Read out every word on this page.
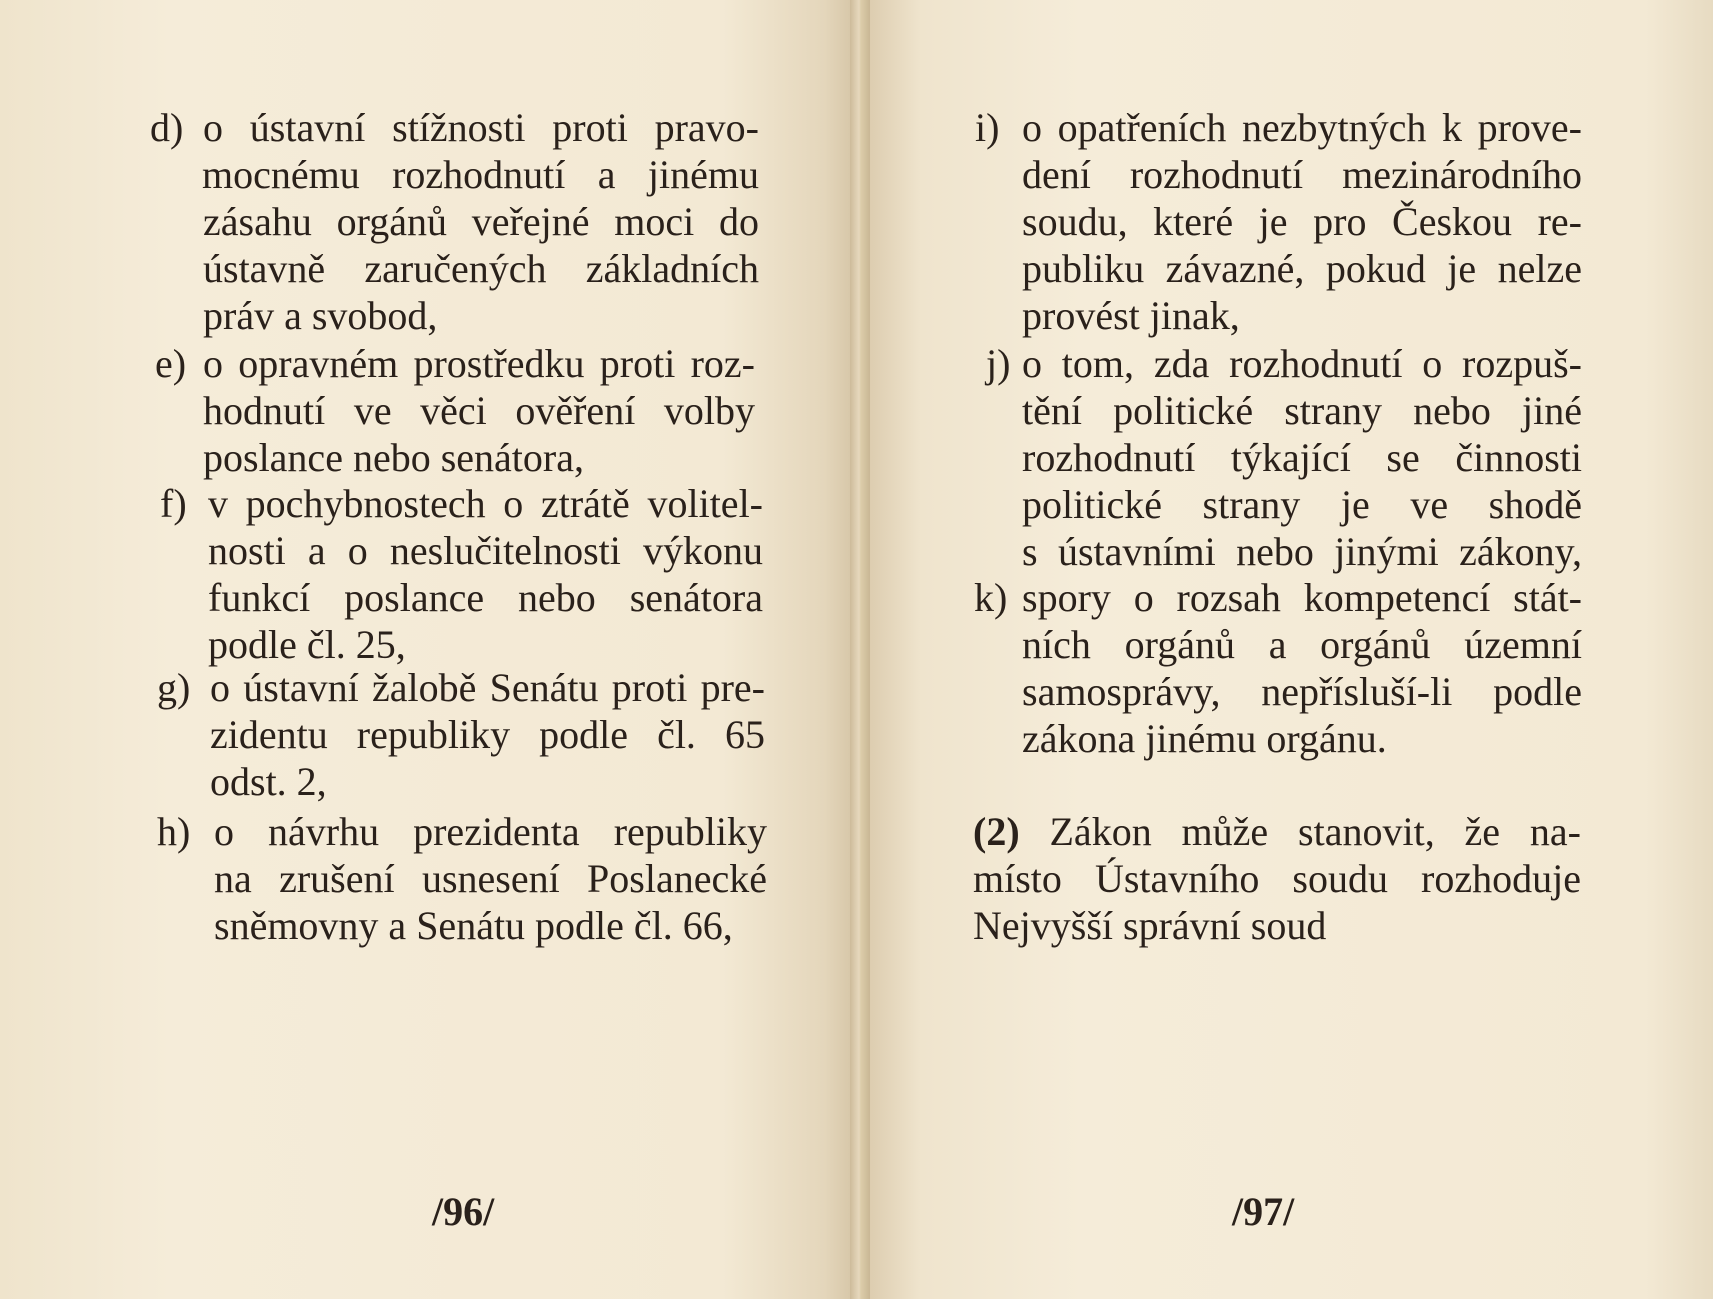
d) o ústavní stížnosti proti pravo-
mocnému rozhodnutí a jinému
zásahu orgánů veřejné moci do
ústavně zaručených základních
práv a svobod,
e) o opravném prostředku proti roz-
hodnutí ve věci ověření volby
poslance nebo senátora,
f) v pochybnostech o ztrátě volitel-
nosti a o neslučitelnosti výkonu
funkcí poslance nebo senátora
podle čl. 25,
g) o ústavní žalobě Senátu proti pre-
zidentu republiky podle čl. 65
odst. 2,
h) o návrhu prezidenta republiky
na zrušení usnesení Poslanecké
sněmovny a Senátu podle čl. 66,
/96/
i) o opatřeních nezbytných k prove-
dení rozhodnutí mezinárodního
soudu, které je pro Českou re-
publiku závazné, pokud je nelze
provést jinak,
j) o tom, zda rozhodnutí o rozpuš-
tění politické strany nebo jiné
rozhodnutí týkající se činnosti
politické strany je ve shodě
s ústavními nebo jinými zákony,
k) spory o rozsah kompetencí stát-
ních orgánů a orgánů územní
samosprávy, nepřísluší-li podle
zákona jinému orgánu.
(2) Zákon může stanovit, že na-
místo Ústavního soudu rozhoduje
Nejvyšší správní soud
/97/
